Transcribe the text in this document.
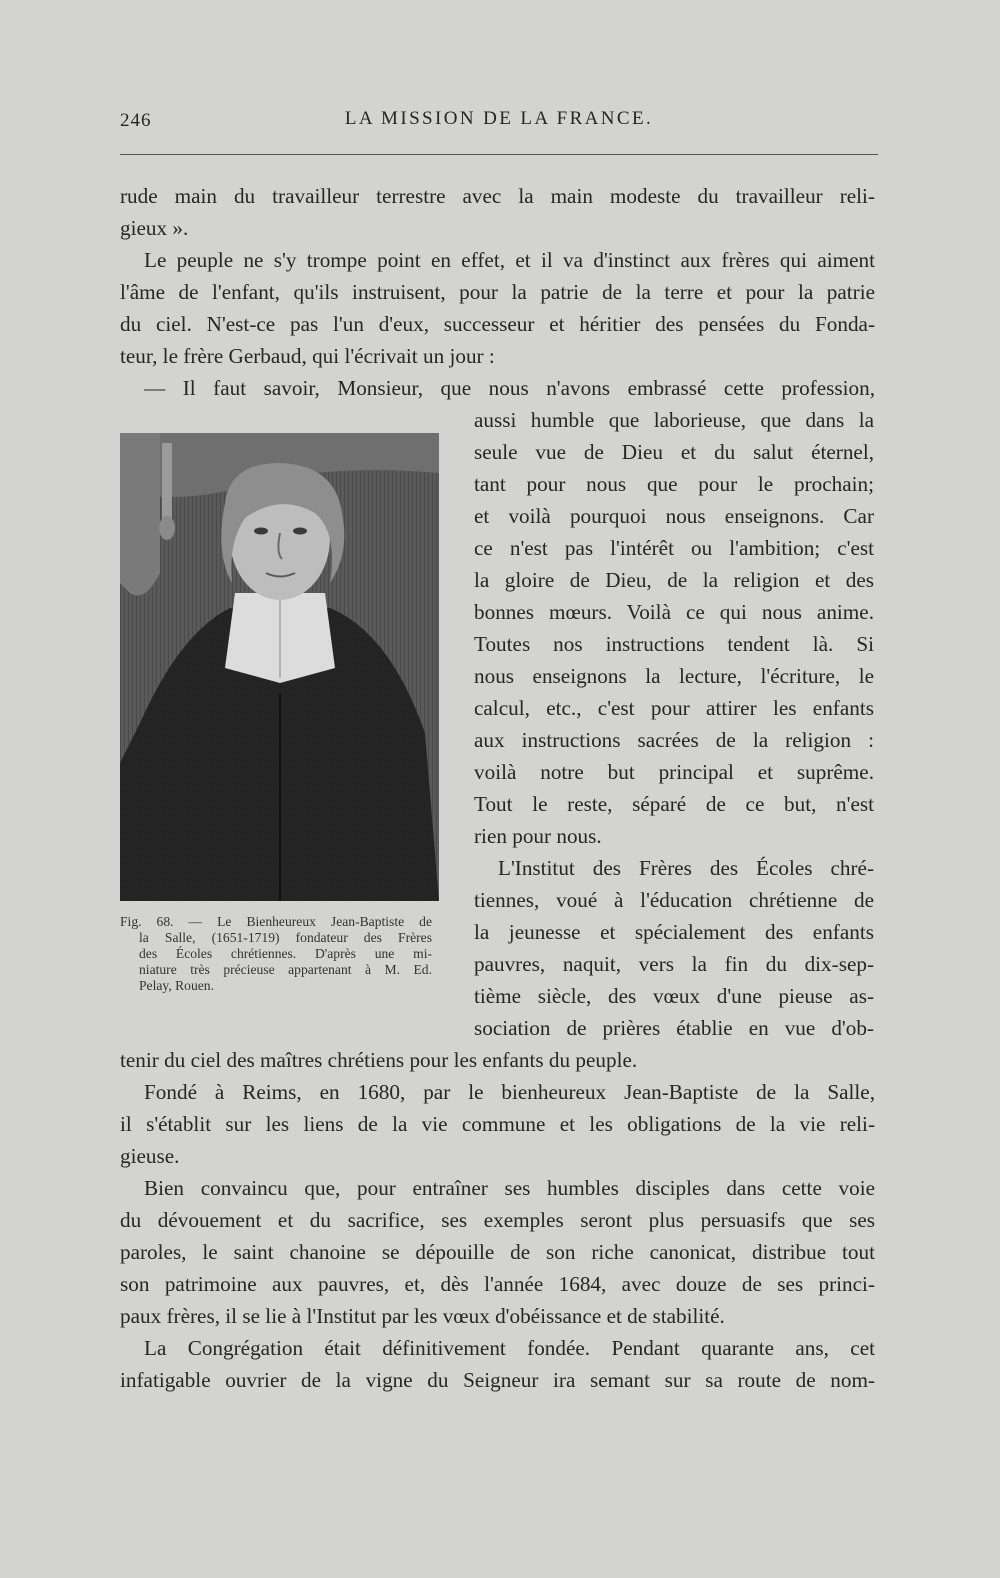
246	LA MISSION DE LA FRANCE.
rude main du travailleur terrestre avec la main modeste du travailleur reli-
gieux ».
Le peuple ne s'y trompe point en effet, et il va d'instinct aux frères qui aiment
l'âme de l'enfant, qu'ils instruisent, pour la patrie de la terre et pour la patrie
du ciel. N'est-ce pas l'un d'eux, successeur et héritier des pensées du Fonda-
teur, le frère Gerbaud, qui l'écrivait un jour :
— Il faut savoir, Monsieur, que nous n'avons embrassé cette profession,
aussi humble que laborieuse, que dans la
seule vue de Dieu et du salut éternel,
tant pour nous que pour le prochain;
et voilà pourquoi nous enseignons. Car
ce n'est pas l'intérêt ou l'ambition; c'est
la gloire de Dieu, de la religion et des
bonnes mœurs. Voilà ce qui nous anime.
Toutes nos instructions tendent là. Si
nous enseignons la lecture, l'écriture, le
calcul, etc., c'est pour attirer les enfants
aux instructions sacrées de la religion :
voilà notre but principal et suprême.
Tout le reste, séparé de ce but, n'est
rien pour nous.
L'Institut des Frères des Écoles chré-
tiennes, voué à l'éducation chrétienne de
la jeunesse et spécialement des enfants
pauvres, naquit, vers la fin du dix-sep-
tième siècle, des vœux d'une pieuse as-
sociation de prières établie en vue d'ob-
tenir du ciel des maîtres chrétiens pour les enfants du peuple.
Fondé à Reims, en 1680, par le bienheureux Jean-Baptiste de la Salle,
il s'établit sur les liens de la vie commune et les obligations de la vie reli-
gieuse.
Bien convaincu que, pour entraîner ses humbles disciples dans cette voie
du dévouement et du sacrifice, ses exemples seront plus persuasifs que ses
paroles, le saint chanoine se dépouille de son riche canonicat, distribue tout
son patrimoine aux pauvres, et, dès l'année 1684, avec douze de ses princi-
paux frères, il se lie à l'Institut par les vœux d'obéissance et de stabilité.
La Congrégation était définitivement fondée. Pendant quarante ans, cet
infatigable ouvrier de la vigne du Seigneur ira semant sur sa route de nom-
Fig. 68. — Le Bienheureux Jean-Baptiste de
la Salle, (1651-1719) fondateur des Frères
des Écoles chrétiennes. D'après une mi-
niature très précieuse appartenant à M. Ed.
Pelay, Rouen.
